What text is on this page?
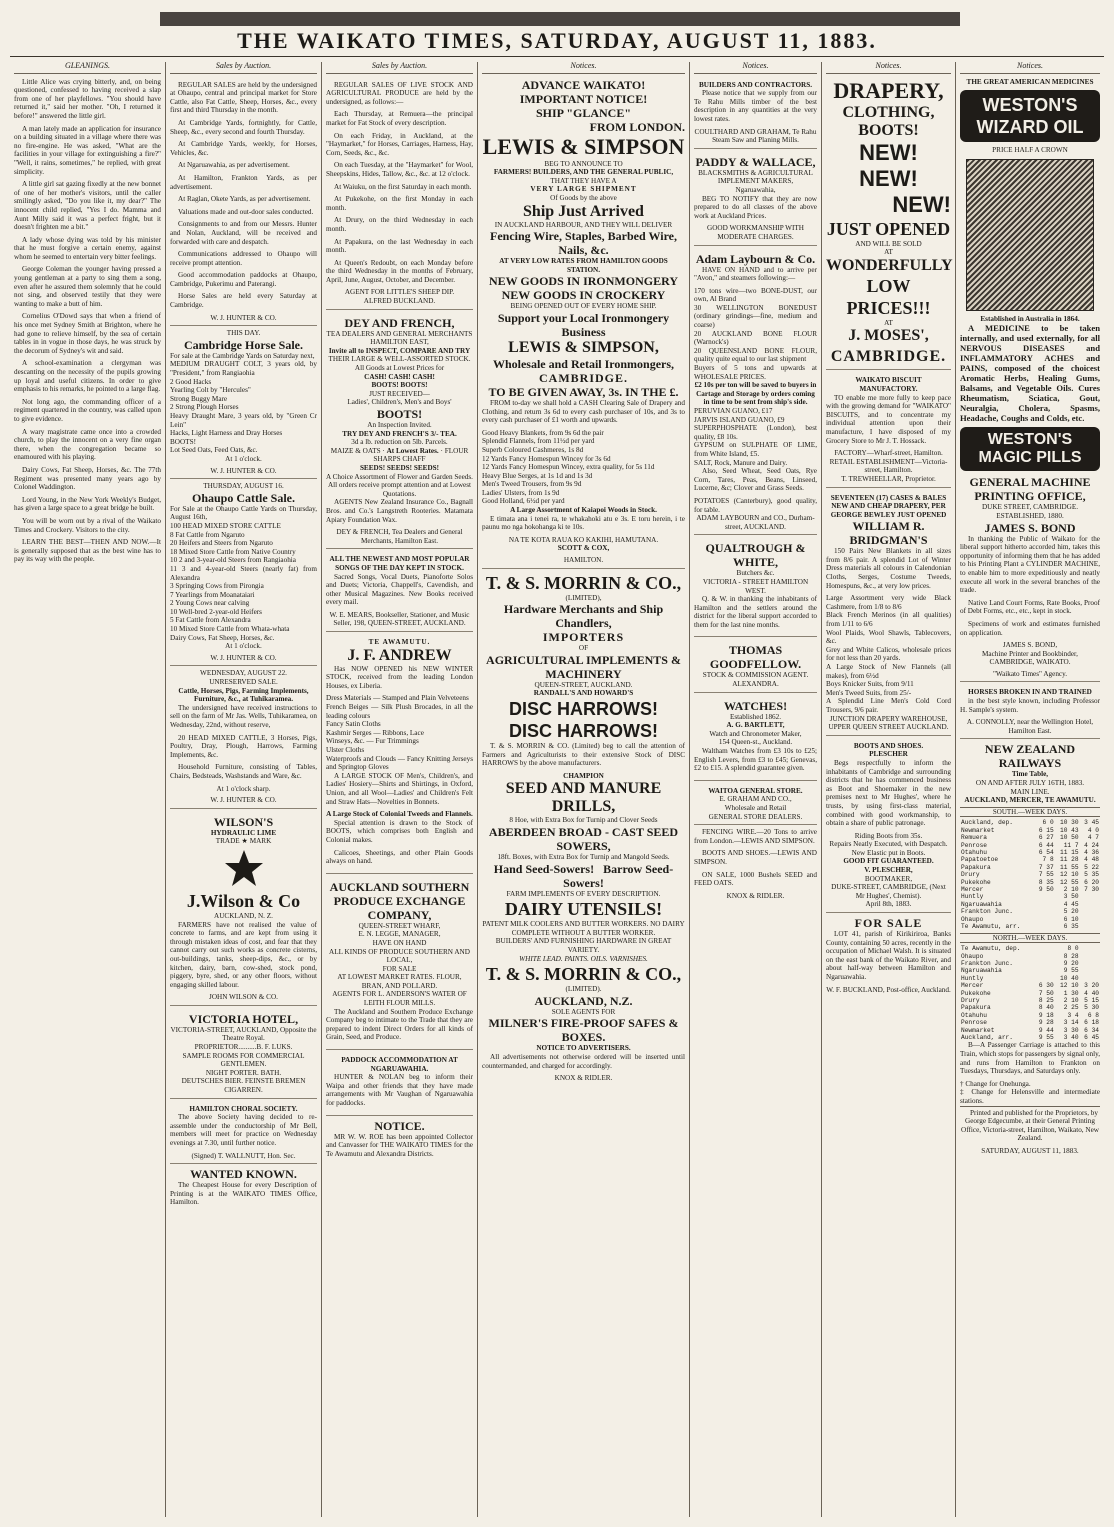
THE WAIKATO TIMES, SATURDAY, AUGUST 11, 1883.
GLEANINGS.

Little Alice was crying bitterly, and, on being questioned, confessed to having received a slap from one of her playfellows. "You should have returned it," said her mother. "Oh, I returned it before!" answered the little girl.

A man lately made an application for insurance on a building situated in a village where there was no fire-engine. He was asked, "What are the facilities in your village for extinguishing a fire?" "Well, it rains, sometimes," he replied, with great simplicity.

A little girl sat gazing fixedly at the new bonnet of one of her mother's visitors, until the caller smilingly asked, "Do you like it, my dear?" The innocent child replied, "Yes I do. Mamma and Aunt Milly said it was a perfect fright, but it doesn't frighten me a bit."

A lady whose dying was told by his minister that he must forgive a certain enemy, against whom he seemed to entertain very bitter feelings.

George Coleman the younger having pressed a young gentleman at a party to sing them a song, even after he assured them solemnly that he could not sing, and observed testily that they were wanting to make a butt of him.

Cornelius O'Dowd says that when a friend of his once met Sydney Smith at Brighton, where he had gone to relieve himself, by the sea of certain tables in in vogue in those days, he was struck by the decorum of Sydney's wit and said.

A school-examination a clergyman was descanting on the necessity of the pupils growing up loyal and useful citizens. In order to give emphasis to his remarks, he pointed to a large flag.

Not long ago, the commanding officer of a regiment quartered in the country, was called upon to give evidence.

A wary magistrate came once into a crowded church, to play the innocent on a very fine organ there, when the congregation became so enamoured with his playing.

Dairy Cows, Fat Sheep, Horses, &c. The 77th Regiment was presented many years ago by Colonel Waddington.

Lord Young, in the New York Weekly's Budget, has given a large space to a great bridge he built.

You will be worn out by a rival of the Waikato Times and Crockery. Visitors to the city.

LEARN THE BEST—THEN AND NOW.—It is generally supposed that as the best wine has to pay its way with the people.

Sales by Auction.

REGULAR SALES are held by the undersigned at Ohaupo, central and principal market for Store Cattle, also Fat Cattle, Sheep, Horses, &c., every first and third Thursday in the month.

At Cambridge Yards, fortnightly, for Cattle, Sheep, &c., every second and fourth Thursday.

At Cambridge Yards, weekly, for Horses, Vehicles, &c.

At Ngaruawahia, as per advertisement.

At Hamilton, Frankton Yards, as per advertisement.

At Raglan, Okete Yards, as per advertisement.

Valuations made and out-door sales conducted.

Consignments to and from our Messrs. Hunter and Nolan, Auckland, will be received and forwarded with care and despatch.

Communications addressed to Ohaupo will receive prompt attention.

Good accommodation paddocks at Ohaupo, Cambridge, Pukerimu and Paterangi.

Horse Sales are held every Saturday at Cambridge.

W. J. HUNTER & CO.
THIS DAY.
Cambridge Horse Sale.
For sale at the Cambridge Yards on Saturday next,
MEDIUM DRAUGHT COLT, 3 years old, by "President," from Rangiaohia
2 Good Hacks
Yearling Colt by "Hercules"
Strong Buggy Mare
2 Strong Plough Horses
Heavy Draught Mare, 3 years old, by "Green Cr Lein"
Hacks, Light Harness and Dray Horses
BOOTS!
Lot Seed Oats, Feed Oats, &c.
At 1 o'clock.
W. J. HUNTER & CO.
THURSDAY, AUGUST 16.
Ohaupo Cattle Sale.
For Sale at the Ohaupo Cattle Yards on Thursday, August 16th,
100 HEAD MIXED STORE CATTLE
8 Fat Cattle from Ngaruto
20 Heifers and Steers from Ngaruto
18 Mixed Store Cattle from Native Country
10 2 and 3-year-old Steers from Rangiaohia
11 3 and 4-year-old Steers (nearly fat) from Alexandra
3 Springing Cows from Pirongia
7 Yearlings from Moanataiari
2 Young Cows near calving
10 Well-bred 2-year-old Heifers
5 Fat Cattle from Alexandra
10 Mixed Store Cattle from Whata-whata
Dairy Cows, Fat Sheep, Horses, &c.
At 1 o'clock.
W. J. HUNTER & CO.
WEDNESDAY, AUGUST 22.
UNRESERVED SALE.
Cattle, Horses, Pigs, Farming Implements, Furniture, &c., at Tuhikaramea.

The undersigned have received instructions to sell on the farm of Mr Jas. Wells, Tuhikaramea, on Wednesday, 22nd, without reserve,

20 HEAD MIXED CATTLE, 3 Horses, Pigs, Poultry, Dray, Plough, Harrows, Farming Implements, &c.

Household Furniture, consisting of Tables, Chairs, Bedsteads, Washstands and Ware, &c.

At 1 o'clock sharp.
W. J. HUNTER & CO.
WILSON'S
HYDRAULIC LIME
TRADE ★ MARK
J.Wilson & Co
AUCKLAND, N. Z.

FARMERS have not realised the value of concrete to farms, and are kept from using it through mistaken ideas of cost, and fear that they cannot carry out such works as concrete cisterns, out-buildings, tanks, sheep-dips, &c., or by kitchen, dairy, barn, cow-shed, stock pond, piggery, byre, shed, or any other floors, without engaging skilled labour.

JOHN WILSON & CO.
VICTORIA HOTEL,
VICTORIA-STREET, AUCKLAND, Opposite the Theatre Royal.
PROPRIETOR..........B. F. LUKS.
SAMPLE ROOMS FOR COMMERCIAL GENTLEMEN.
NIGHT PORTER. BATH.
DEUTSCHES BIER. FEINSTE BREMEN CIGARREN.
HAMILTON CHORAL SOCIETY.

The above Society having decided to re-assemble under the conductorship of Mr Bell, members will meet for practice on Wednesday evenings at 7.30, until further notice.

(Signed) T. WALLNUTT, Hon. Sec.
WANTED KNOWN.

The Cheapest House for every Description of Printing is at the WAIKATO TIMES Office, Hamilton.

Sales by Auction.

REGULAR SALES OF LIVE STOCK AND AGRICULTURAL PRODUCE are held by the undersigned, as follows:—

Each Thursday, at Remuera—the principal market for Fat Stock of every description.

On each Friday, in Auckland, at the "Haymarket," for Horses, Carriages, Harness, Hay, Corn, Seeds, &c., &c.

On each Tuesday, at the "Haymarket" for Wool, Sheepskins, Hides, Tallow, &c., &c. at 12 o'clock.

At Waiuku, on the first Saturday in each month.

At Pukekohe, on the first Monday in each month.

At Drury, on the third Wednesday in each month.

At Papakura, on the last Wednesday in each month.

At Queen's Redoubt, on each Monday before the third Wednesday in the months of February, April, June, August, October, and December.

AGENT FOR LITTLE'S SHEEP DIP.
ALFRED BUCKLAND.
DEY AND FRENCH,
TEA DEALERS AND GENERAL MERCHANTS
HAMILTON EAST,
Invite all to INSPECT, COMPARE AND TRY
THEIR LARGE & WELL-ASSORTED STOCK.
All Goods at Lowest Prices for
CASH! CASH! CASH!
BOOTS! BOOTS!
JUST RECEIVED—
Ladies', Children's, Men's and Boys'
BOOTS!
An Inspection Invited.
TRY DEY AND FRENCH'S 3/- TEA.
3d a lb. reduction on 5lb. Parcels.
MAIZE & OATS · At Lowest Rates. · FLOUR SHARPS CHAFF
SEEDS! SEEDS! SEEDS!
A Choice Assortment of Flower and Garden Seeds.
All orders receive prompt attention and at Lowest Quotations.

AGENTS New Zealand Insurance Co., Bagnall Bros. and Co.'s Langstreth Rooteries. Matamata Apiary Foundation Wax.

DEY & FRENCH, Tea Dealers and General Merchants, Hamilton East.
ALL THE NEWEST AND MOST POPULAR SONGS OF THE DAY KEPT IN STOCK.

Sacred Songs, Vocal Duets, Pianoforte Solos and Duets; Victoria, Chappell's, Cavendish, and other Musical Magazines. New Books received every mail.

W. E. MEARS, Bookseller, Stationer, and Music Seller, 198, QUEEN-STREET, AUCKLAND.
TE AWAMUTU.
J. F. ANDREW

Has NOW OPENED his NEW WINTER STOCK, received from the leading London Houses, ex Liberia.

Dress Materials — Stamped and Plain Velveteens
French Beiges — Silk Plush Brocades, in all the leading colours
Fancy Satin Cloths
Kashmir Serges — Ribbons, Lace
Winseys, &c. — Fur Trimmings
Ulster Cloths
Waterproofs and Clouds — Fancy Knitting Jerseys and Springtop Gloves

A LARGE STOCK OF Men's, Children's, and Ladies' Hosiery—Shirts and Shirtings, in Oxford, Union, and all Wool—Ladies' and Children's Felt and Straw Hats—Novelties in Bonnets.

A Large Stock of Colonial Tweeds and Flannels.

Special attention is drawn to the Stock of BOOTS, which comprises both English and Colonial makes.

Calicoes, Sheetings, and other Plain Goods always on hand.

AUCKLAND SOUTHERN PRODUCE EXCHANGE COMPANY,
QUEEN-STREET WHARF,
E. N. LEGGE, MANAGER,
HAVE ON HAND
ALL KINDS OF PRODUCE SOUTHERN AND LOCAL,
FOR SALE
AT LOWEST MARKET RATES. FLOUR, BRAN, AND POLLARD.
AGENTS FOR L. ANDERSON'S WATER OF LEITH FLOUR MILLS.

The Auckland and Southern Produce Exchange Company beg to intimate to the Trade that they are prepared to indent Direct Orders for all kinds of Grain, Seed, and Produce.

PADDOCK ACCOMMODATION AT NGARUAWAHIA.

HUNTER & NOLAN beg to inform their Waipa and other friends that they have made arrangements with Mr Vaughan of Ngaruawahia for paddocks.

NOTICE.

MR W. W. ROE has been appointed Collector and Canvasser for THE WAIKATO TIMES for the Te Awamutu and Alexandra Districts.

Notices.
ADVANCE WAIKATO!
IMPORTANT NOTICE!
SHIP "GLANCE"
FROM LONDON.
LEWIS & SIMPSON
BEG TO ANNOUNCE TO
FARMERS! BUILDERS, AND THE GENERAL PUBLIC,
THAT THEY HAVE A
VERY LARGE SHIPMENT
Of Goods by the above
Ship Just Arrived
IN AUCKLAND HARBOUR, AND THEY WILL DELIVER
Fencing Wire, Staples, Barbed Wire, Nails, &c.
AT VERY LOW RATES FROM HAMILTON GOODS STATION.
NEW GOODS IN IRONMONGERY
NEW GOODS IN CROCKERY
BEING OPENED OUT OF EVERY HOME SHIP.
Support your Local Ironmongery Business
LEWIS & SIMPSON,
Wholesale and Retail Ironmongers,
CAMBRIDGE.
TO BE GIVEN AWAY, 3s. IN THE £.

FROM to-day we shall hold a CASH Clearing Sale of Drapery and Clothing, and return 3s 6d to every cash purchaser of 10s, and 3s to every cash purchaser of £1 worth and upwards.

Good Heavy Blankets, from 9s 6d the pair
Splendid Flannels, from 11½d per yard
Superb Coloured Cashmeres, 1s 8d
12 Yards Fancy Homespun Wincey for 3s 6d
12 Yards Fancy Homespun Wincey, extra quality, for 5s 11d
Heavy Blue Serges, at 1s 1d and 1s 3d
Men's Tweed Trousers, from 9s 9d
Ladies' Ulsters, from 1s 9d
Good Holland, 6½d per yard
A Large Assortment of Kaiapoi Woods in Stock.

E timata ana i tenei ra, te whakahoki atu e 3s. E toru herein, i te paunu mo nga hokohanga ki te 10s.

NA TE KOTA RAUA KO KAKIHI, HAMUTANA.
SCOTT & COX,
HAMILTON.
T. & S. MORRIN & CO.,
(LIMITED),
Hardware Merchants and Ship Chandlers,
IMPORTERS
OF
AGRICULTURAL IMPLEMENTS & MACHINERY
QUEEN-STREET, AUCKLAND.
RANDALL'S AND HOWARD'S
DISC HARROWS!
DISC HARROWS!

T. & S. MORRIN & CO. (Limited) beg to call the attention of Farmers and Agriculturists to their extensive Stock of DISC HARROWS by the above manufacturers.

CHAMPION
SEED AND MANURE DRILLS,
8 Hoe, with Extra Box for Turnip and Clover Seeds
ABERDEEN BROAD - CAST SEED SOWERS,
18ft. Boxes, with Extra Box for Turnip and Mangold Seeds.
Hand Seed-Sowers! Barrow Seed-Sowers!
FARM IMPLEMENTS OF EVERY DESCRIPTION.
DAIRY UTENSILS!
PATENT MILK COOLERS AND BUTTER WORKERS. NO DAIRY COMPLETE WITHOUT A BUTTER WORKER.
BUILDERS' AND FURNISHING HARDWARE IN GREAT VARIETY.
WHITE LEAD. PAINTS. OILS. VARNISHES.
T. & S. MORRIN & CO.,
(LIMITED).
AUCKLAND, N.Z.
SOLE AGENTS FOR
MILNER'S FIRE-PROOF SAFES & BOXES.
NOTICE TO ADVERTISERS.

All advertisements not otherwise ordered will be inserted until countermanded, and charged for accordingly.

KNOX & RIDLER.
Notices.
BUILDERS AND CONTRACTORS.

Please notice that we supply from our Te Rahu Mills timber of the best description in any quantities at the very lowest rates.

COULTHARD AND GRAHAM, Te Rahu Steam Saw and Planing Mills.
PADDY & WALLACE,
BLACKSMITHS & AGRICULTURAL IMPLEMENT MAKERS,
Ngaruawahia,

BEG TO NOTIFY that they are now prepared to do all classes of the above work at Auckland Prices.

GOOD WORKMANSHIP WITH MODERATE CHARGES.
Adam Laybourn & Co.

HAVE ON HAND and to arrive per "Avon," and steamers following:—

170 tons wire—two BONE-DUST, our own, Al Brand
30 WELLINGTON BONEDUST (ordinary grindings—fine, medium and coarse)
20 AUCKLAND BONE FLOUR (Warnock's)
20 QUEENSLAND BONE FLOUR, quality quite equal to our last shipment
Buyers of 5 tons and upwards at WHOLESALE PRICES.
£2 10s per ton will be saved to buyers in Cartage and Storage by orders coming in time to be sent from ship's side.
PERUVIAN GUANO, £17
JARVIS ISLAND GUANO, £9
SUPERPHOSPHATE (London), best quality, £8 10s.
GYPSUM on SULPHATE OF LIME, from White Island, £5.
SALT, Rock, Manure and Dairy.

Also, Seed Wheat, Seed Oats, Rye Corn, Tares, Peas, Beans, Linseed, Lucerne, &c; Clover and Grass Seeds.

POTATOES (Canterbury), good quality, for table.
ADAM LAYBOURN and CO., Durham-street, AUCKLAND.
QUALTROUGH & WHITE,
Butchers &c.
VICTORIA - STREET HAMILTON WEST.

Q. & W. in thanking the inhabitants of Hamilton and the settlers around the district for the liberal support accorded to them for the last nine months.

THOMAS GOODFELLOW.
STOCK & COMMISSION AGENT.
ALEXANDRA.
WATCHES!
Established 1862.
A. G. BARTLETT,
Watch and Chronometer Maker,
154 Queen-st., Auckland.

Waltham Watches from £3 10s to £25; English Levers, from £3 to £45; Genevas, £2 to £15. A splendid guarantee given.

WAITOA GENERAL STORE.
E. GRAHAM AND CO.,
Wholesale and Retail
GENERAL STORE DEALERS.

FENCING WIRE.—20 Tons to arrive from London.—LEWIS AND SIMPSON.

BOOTS AND SHOES.—LEWIS AND SIMPSON.

ON SALE, 1000 Bushels SEED and FEED OATS.

KNOX & RIDLER.
Notices.
DRAPERY,
CLOTHING, BOOTS!
NEW!
NEW!
NEW!
JUST OPENED
AND WILL BE SOLD
AT
WONDERFULLY
LOW PRICES!!!
AT
J. MOSES',
CAMBRIDGE.
WAIKATO BISCUIT MANUFACTORY.

TO enable me more fully to keep pace with the growing demand for "WAIKATO" BISCUITS, and to concentrate my individual attention upon their manufacture, I have disposed of my Grocery Store to Mr J. T. Hossack.

FACTORY—Wharf-street, Hamilton.
RETAIL ESTABLISHMENT—Victoria-street, Hamilton.
T. TREWHEELLAR, Proprietor.
SEVENTEEN (17) CASES & BALES NEW AND CHEAP DRAPERY, PER GEORGE BEWLEY JUST OPENED
WILLIAM R. BRIDGMAN'S

150 Pairs New Blankets in all sizes from 8/6 pair. A splendid Lot of Winter Dress materials all colours in Calendonian Cloths, Serges, Costume Tweeds, Homespuns, &c., at very low prices.

Large Assortment very wide Black Cashmere, from 1/8 to 8/6
Black French Merinos (in all qualities) from 1/11 to 6/6
Wool Plaids, Wool Shawls, Tablecovers, &c.
Grey and White Calicos, wholesale prices for not less than 20 yards.
A Large Stock of New Flannels (all makes), from 6½d
Boys Knicker Suits, from 9/11
Men's Tweed Suits, from 25/-
A Splendid Line Men's Cold Cord Trousers, 9/6 pair.
JUNCTION DRAPERY WAREHOUSE, UPPER QUEEN STREET AUCKLAND.
BOOTS AND SHOES.
PLESCHER

Begs respectfully to inform the inhabitants of Cambridge and surrounding districts that he has commenced business as Boot and Shoemaker in the new premises next to Mr Hughes', where he trusts, by using first-class material, combined with good workmanship, to obtain a share of public patronage.

Riding Boots from 35s.
Repairs Neatly Executed, with Despatch. New Elastic put in Boots.
GOOD FIT GUARANTEED.
V. PLESCHER,
BOOTMAKER,
DUKE-STREET, CAMBRIDGE, (Next Mr Hughes', Chemist).
April 8th, 1883.
FOR SALE

LOT 41, parish of Kirikiriroa, Banks County, containing 50 acres, recently in the occupation of Michael Walsh. It is situated on the east bank of the Waikato River, and about half-way between Hamilton and Ngaruawahia.

W. F. BUCKLAND, Post-office, Auckland.
Notices.
THE GREAT AMERICAN MEDICINES
WESTON'S
WIZARD OIL
PRICE HALF A CROWN
Established in Australia in 1864.

A MEDICINE to be taken internally, and used externally, for all NERVOUS DISEASES and INFLAMMATORY ACHES and PAINS, composed of the choicest Aromatic Herbs, Healing Gums, Balsams, and Vegetable Oils. Cures Rheumatism, Sciatica, Gout, Neuralgia, Cholera, Spasms, Headache, Coughs and Colds, etc.

WESTON'S MAGIC PILLS
GENERAL MACHINE PRINTING OFFICE,
DUKE STREET, CAMBRIDGE.
ESTABLISHED, 1880.
JAMES S. BOND

In thanking the Public of Waikato for the liberal support hitherto accorded him, takes this opportunity of informing them that he has added to his Printing Plant a CYLINDER MACHINE, to enable him to more expeditiously and neatly execute all work in the several branches of the trade.

Native Land Court Forms, Rate Books, Proof of Debt Forms, etc., etc., kept in stock.

Specimens of work and estimates furnished on application.

JAMES S. BOND,
Machine Printer and Bookbinder,
CAMBRIDGE, WAIKATO.
"Waikato Times" Agency.
HORSES BROKEN IN AND TRAINED

in the best style known, including Professor H. Sample's system.

A. CONNOLLY, near the Wellington Hotel, Hamilton East.
NEW ZEALAND RAILWAYS
Time Table,
ON AND AFTER JULY 16TH, 1883.
MAIN LINE.
AUCKLAND, MERCER, TE AWAMUTU.
SOUTH.—WEEK DAYS.
Auckland, dep.	6 0	10 30	3 45
Newmarket	6 15	10 43	4 0
Remuera	6 27	10 50	4 7
Penrose	6 44	11 7	4 24
Otahuhu	6 54	11 15	4 36
Papatoetoe	7 8	11 28	4 48
Papakura	7 37	11 55	5 22
Drury	7 55	12 10	5 35
Pukekohe	8 35	12 55	6 20
Mercer	9 50	2 10	7 30
Huntly		3 50	
Ngaruawahia		4 45	
Frankton Junc.		5 20	
Ohaupo		6 10	
Te Awamutu, arr.		6 35	
NORTH.—WEEK DAYS.
Te Awamutu, dep.		8 0	
Ohaupo		8 28	
Frankton Junc.		9 20	
Ngaruawahia		9 55	
Huntly		10 40	
Mercer	6 30	12 10	3 20
Pukekohe	7 50	1 30	4 40
Drury	8 25	2 10	5 15
Papakura	8 40	2 25	5 30
Otahuhu	9 18	3 4	6 8
Penrose	9 28	3 14	6 18
Newmarket	9 44	3 30	6 34
Auckland, arr.	9 55	3 40	6 45

B—A Passenger Carriage is attached to this Train, which stops for passengers by signal only, and runs from Hamilton to Frankton on Tuesdays, Thursdays, and Saturdays only.

† Change for Onehunga.
‡ Change for Helensville and intermediate stations.

Printed and published for the Proprietors, by George Edgecumbe, at their General Printing Office, Victoria-street, Hamilton, Waikato, New Zealand.

SATURDAY, AUGUST 11, 1883.
